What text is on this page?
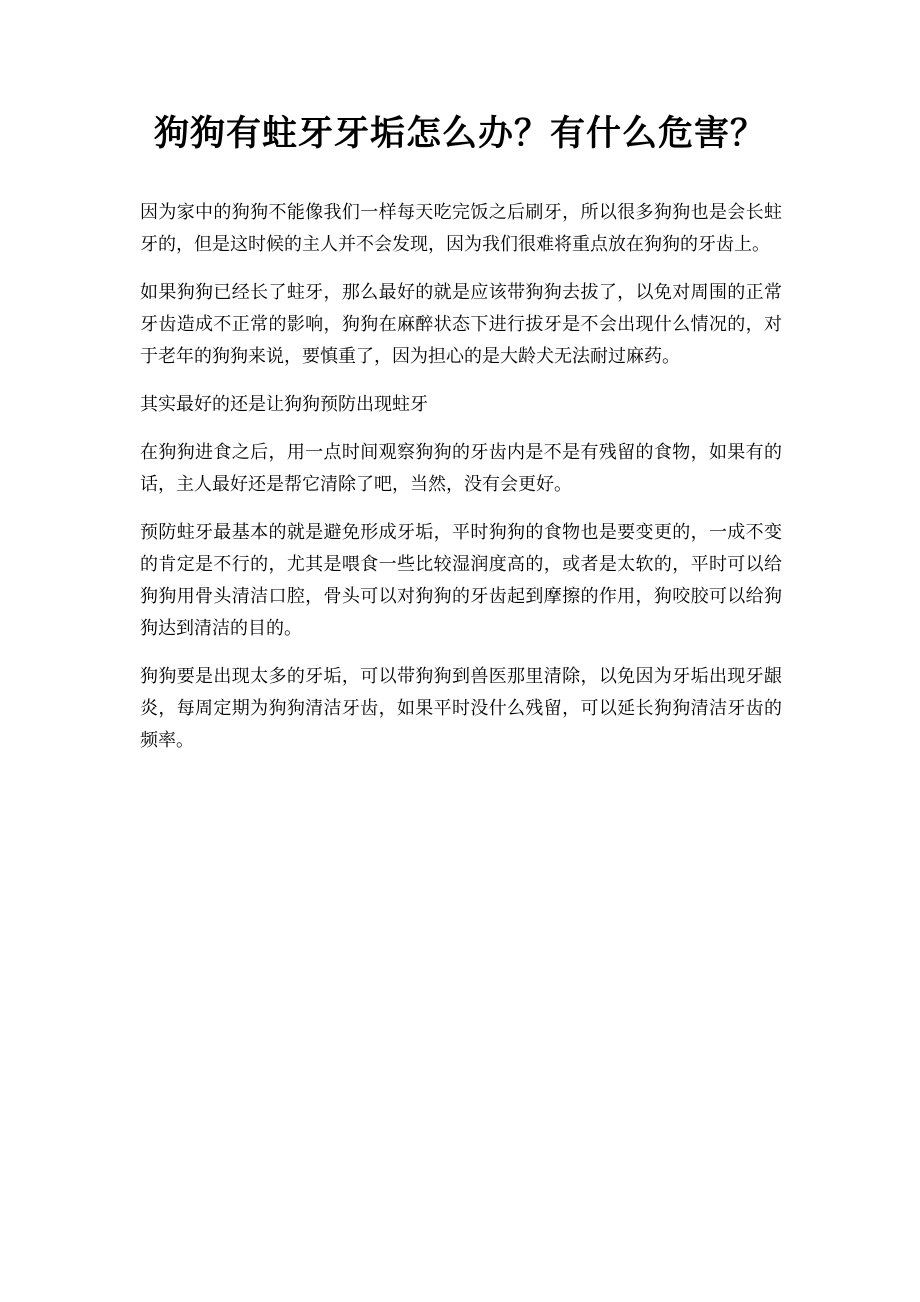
狗狗有蛀牙牙垢怎么办？有什么危害？

因为家中的狗狗不能像我们一样每天吃完饭之后刷牙，所以很多狗狗也是会长蛀牙的，但是这时候的主人并不会发现，因为我们很难将重点放在狗狗的牙齿上。

如果狗狗已经长了蛀牙，那么最好的就是应该带狗狗去拔了，以免对周围的正常牙齿造成不正常的影响，狗狗在麻醉状态下进行拔牙是不会出现什么情况的，对于老年的狗狗来说，要慎重了，因为担心的是大龄犬无法耐过麻药。

其实最好的还是让狗狗预防出现蛀牙

在狗狗进食之后，用一点时间观察狗狗的牙齿内是不是有残留的食物，如果有的话，主人最好还是帮它清除了吧，当然，没有会更好。

预防蛀牙最基本的就是避免形成牙垢，平时狗狗的食物也是要变更的，一成不变的肯定是不行的，尤其是喂食一些比较湿润度高的，或者是太软的，平时可以给狗狗用骨头清洁口腔，骨头可以对狗狗的牙齿起到摩擦的作用，狗咬胶可以给狗狗达到清洁的目的。

狗狗要是出现太多的牙垢，可以带狗狗到兽医那里清除，以免因为牙垢出现牙龈炎，每周定期为狗狗清洁牙齿，如果平时没什么残留，可以延长狗狗清洁牙齿的频率。
